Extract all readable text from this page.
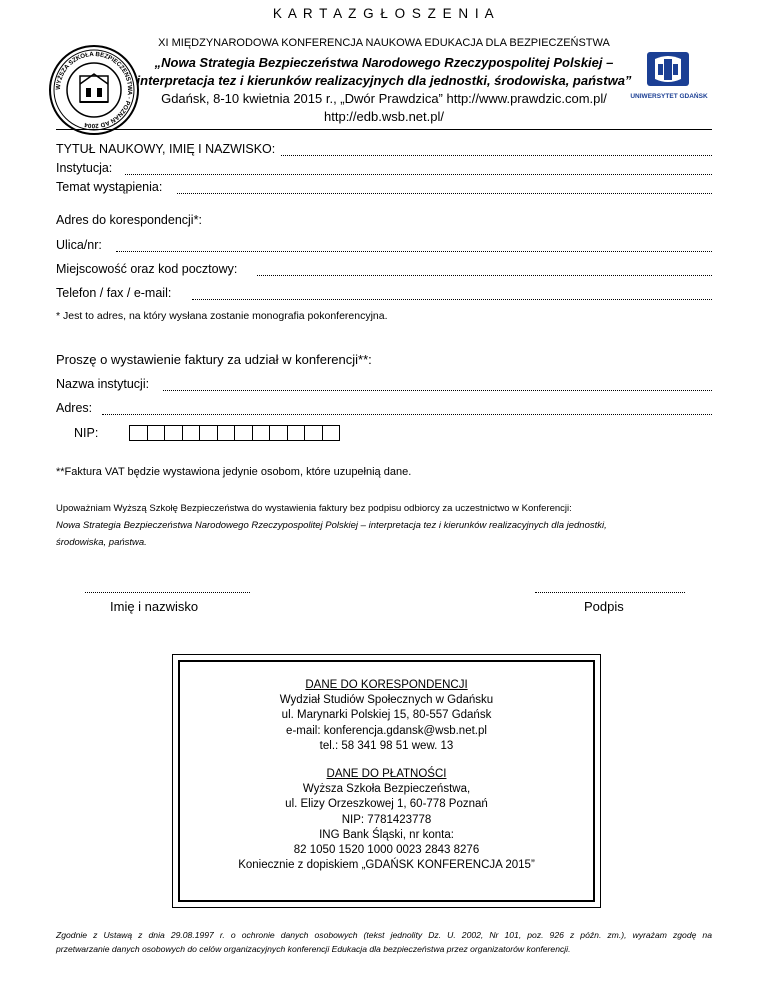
K A R T A Z G Ł O S Z E N I A
XI MIĘDZYNARODOWA KONFERENCJA NAUKOWA EDUKACJA DLA BEZPIECZEŃSTWA
„Nowa Strategia Bezpieczeństwa Narodowego Rzeczypospolitej Polskiej –
interpretacja tez i kierunków realizacyjnych dla jednostki, środowiska, państwa”
Gdańsk, 8-10 kwietnia 2015 r., „Dwór Prawdzica” http://www.prawdzic.com.pl/
http://edb.wsb.net.pl/
WYŻSZA SZKOŁA BEZPIECZEŃSTWA · POZNAŃ AD 2004
UNIWERSYTET GDAŃSK
TYTUŁ NAUKOWY, IMIĘ I NAZWISKO:
Instytucja:
Temat wystąpienia:
Adres do korespondencji*:
Ulica/nr:
Miejscowość oraz kod pocztowy:
Telefon / fax / e-mail:
* Jest to adres, na który wysłana zostanie monografia pokonferencyjna.
Proszę o wystawienie faktury za udział w konferencji**:
Nazwa instytucji:
Adres:
NIP:
**Faktura VAT będzie wystawiona jedynie osobom, które uzupełnią dane.
Upoważniam Wyższą Szkołę Bezpieczeństwa do wystawienia faktury bez podpisu odbiorcy za uczestnictwo w Konferencji:
Nowa Strategia Bezpieczeństwa Narodowego Rzeczypospolitej Polskiej – interpretacja tez i kierunków realizacyjnych dla jednostki,
środowiska, państwa.
Imię i nazwisko	Podpis
DANE DO KORESPONDENCJI
Wydział Studiów Społecznych w Gdańsku
ul. Marynarki Polskiej 15, 80-557 Gdańsk
e-mail: konferencja.gdansk@wsb.net.pl
tel.: 58 341 98 51 wew. 13
DANE DO PŁATNOŚCI
Wyższa Szkoła Bezpieczeństwa,
ul. Elizy Orzeszkowej 1, 60-778 Poznań
NIP: 7781423778
ING Bank Śląski, nr konta:
82 1050 1520 1000 0023 2843 8276
Koniecznie z dopiskiem „GDAŃSK KONFERENCJA 2015”
Zgodnie z Ustawą z dnia 29.08.1997 r. o ochronie danych osobowych (tekst jednolity Dz. U. 2002, Nr 101, poz. 926 z późn. zm.), wyrażam zgodę na
przetwarzanie danych osobowych do celów organizacyjnych konferencji Edukacja dla bezpieczeństwa przez organizatorów konferencji.
